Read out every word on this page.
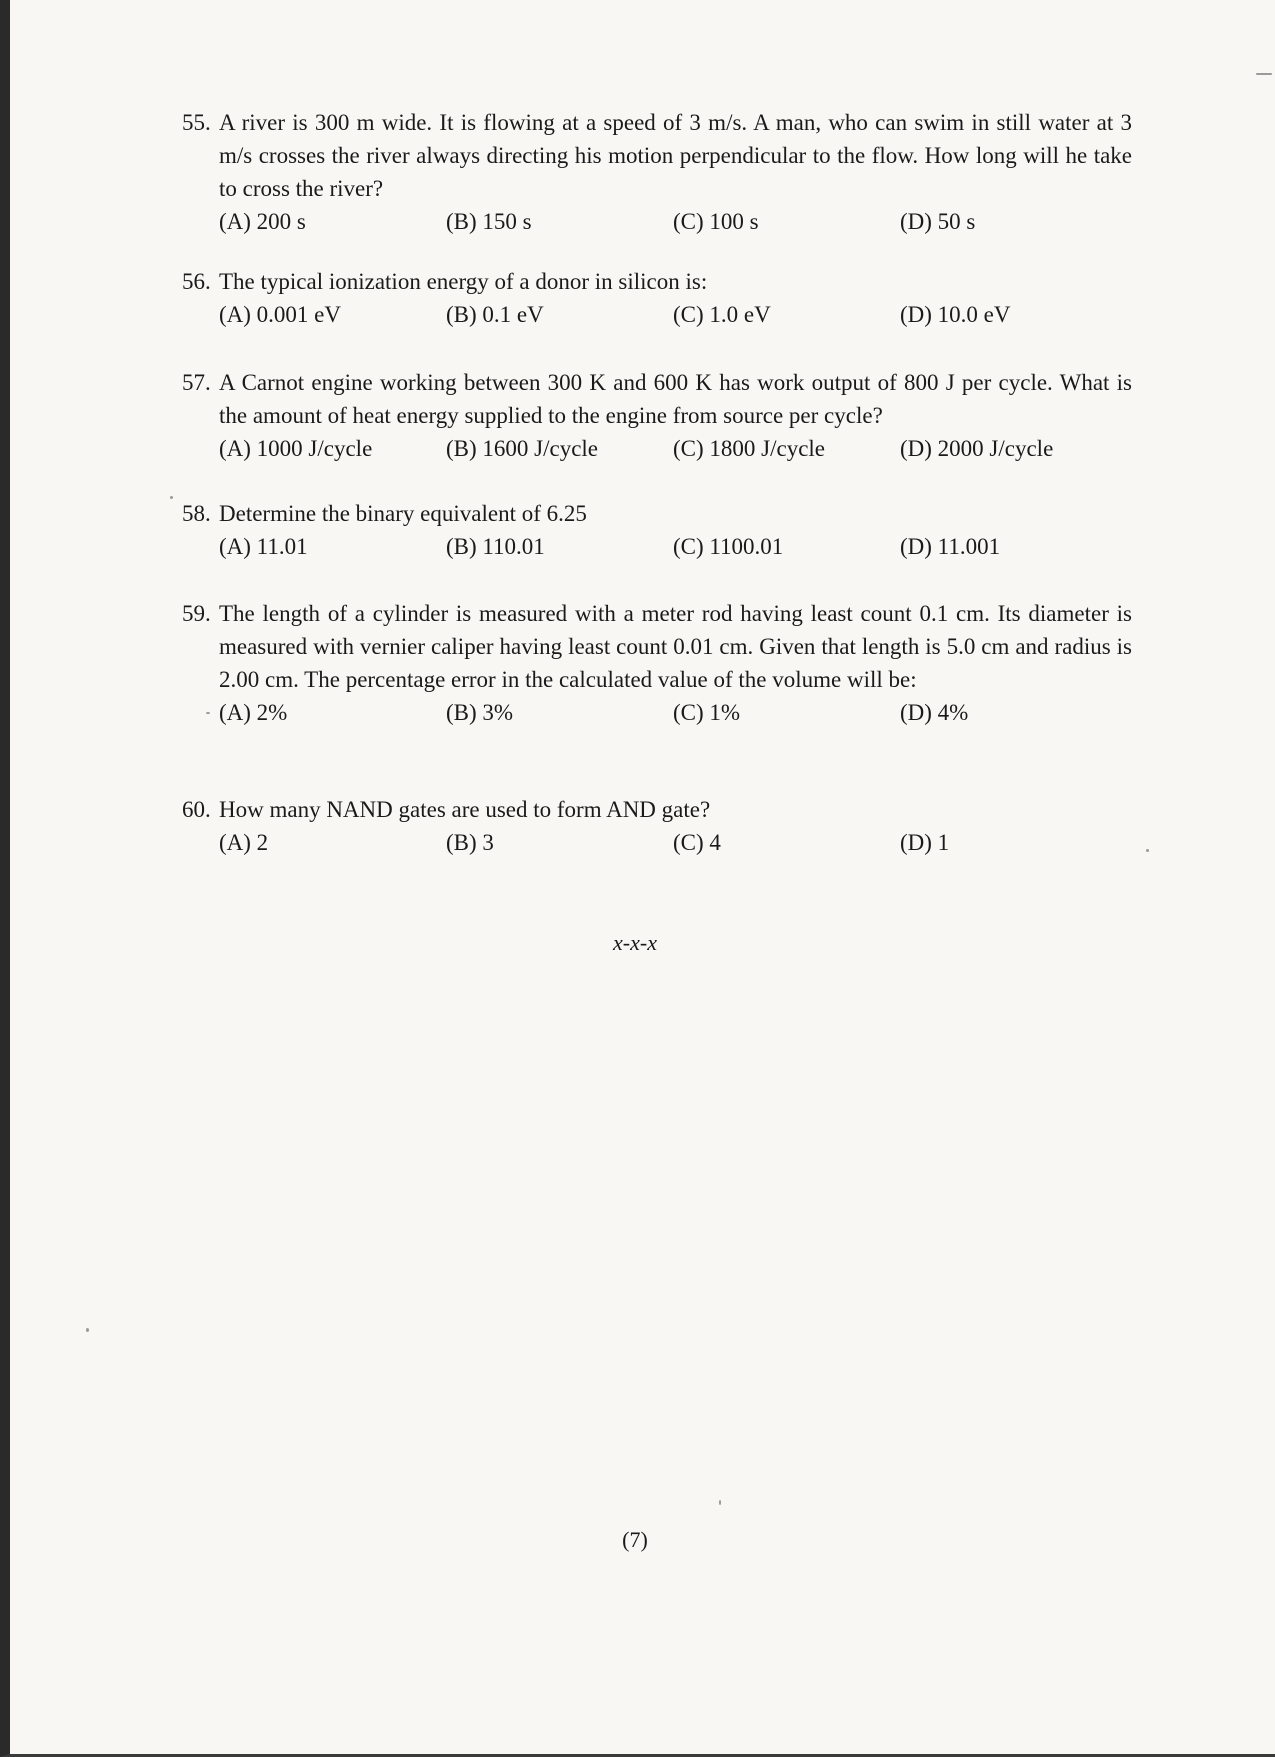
55. A river is 300 m wide. It is flowing at a speed of 3 m/s. A man, who can swim in still water at 3 m/s crosses the river always directing his motion perpendicular to the flow. How long will he take to cross the river?
(A) 200 s	(B) 150 s	(C) 100 s	(D) 50 s
56. The typical ionization energy of a donor in silicon is:
(A) 0.001 eV	(B) 0.1 eV	(C) 1.0 eV	(D) 10.0 eV
57. A Carnot engine working between 300 K and 600 K has work output of 800 J per cycle. What is the amount of heat energy supplied to the engine from source per cycle?
(A) 1000 J/cycle	(B) 1600 J/cycle	(C) 1800 J/cycle	(D) 2000 J/cycle
58. Determine the binary equivalent of 6.25
(A) 11.01	(B) 110.01	(C) 1100.01	(D) 11.001
59. The length of a cylinder is measured with a meter rod having least count 0.1 cm. Its diameter is measured with vernier caliper having least count 0.01 cm. Given that length is 5.0 cm and radius is 2.00 cm. The percentage error in the calculated value of the volume will be:
(A) 2%	(B) 3%	(C) 1%	(D) 4%
60. How many NAND gates are used to form AND gate?
(A) 2	(B) 3	(C) 4	(D) 1
x-x-x
(7)
